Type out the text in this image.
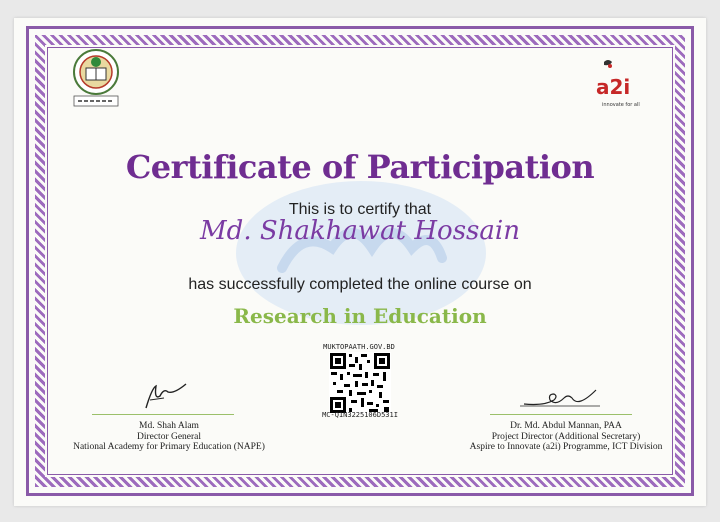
a2i
innovate for all
Certificate of Participation
This is to certify that
Md. Shakhawat Hossain
has successfully completed the online course on
Research in Education
MUKTOPAATH.GOV.BD
MC-Q1N3225106D531I
Md. Shah Alam
Director General
National Academy for Primary Education (NAPE)
Dr. Md. Abdul Mannan, PAA
Project Director (Additional Secretary)
Aspire to Innovate (a2i) Programme, ICT Division
